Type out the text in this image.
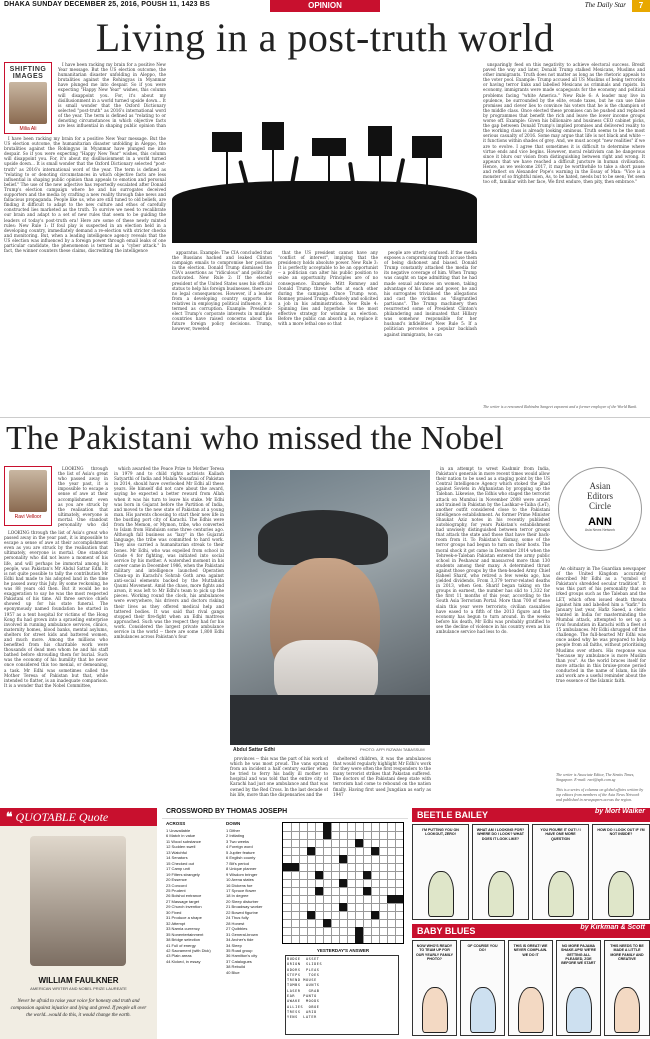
DHAKA SUNDAY DECEMBER 25, 2016, POUSH 11, 1423 BS	OPINION	The Daily Star	7
Living in a post-truth world
SHIFTING IMAGES
Milia Ali

I have been racking my brain for a positive New Year message. But the US election outcome, the humanitarian disaster unfolding in Aleppo, the brutalities against the Rohingyas in Myanmar have plunged me into despair. So if you were expecting "Happy New Year" wishes, this column will disappoint you. For, it's about my disillusionment in a world turned upside down... It is small wonder that the Oxford Dictionary selected "post-truth" as 2016's international word of the year. The term is defined as "relating to or denoting circumstances in which objective facts are less influential in shaping public opinion than

I have been racking my brain for a positive New Year message. But the US election outcome, the humanitarian disaster unfolding in Aleppo, the brutalities against the Rohingyas in Myanmar have plunged me into despair. So if you were expecting "Happy New Year" wishes, this column will disappoint you. For, it's about my disillusionment in a world turned upside down... It is small wonder that the Oxford Dictionary selected "post-truth" as 2016's international word of the year. The term is defined as "relating to or denoting circumstances in which objective facts are less influential in shaping public opinion than appeals to emotion and personal belief." The use of the new adjective has reportedly escalated after Donald Trump's election campaign where he and his surrogates deceived supporters and the media by crafting a new reality through fake news and fallacious propaganda. People like us, who are still tuned to old beliefs, are finding it difficult to adapt to the new culture and ethos of carefully constructed lies marketed as the truth. To survive we need to recalibrate our brain and adapt to a set of new rules that seem to be guiding the leaders of today's post-truth era! Here are some of these newly minted rules: New Rule 1: If foul play is suspected in an election held in a developing country, immediately demand a re-election with stricter checks and monitoring. But, when a leading intelligence agency reveals that the US election was influenced by a foreign power through email leaks of one particular candidate, the phenomenon is termed as a "cyber attack." In fact, the winner counters these claims, discrediting the intelligence	apparatus. Example: The CIA concluded that the Russians hacked and leaked Clinton campaign emails to compromise her position in the election. Donald Trump dismissed the CIA's assertions as "ridiculous" and politically motivated. New Rule 2: If the elected president of the United States uses his official status to help his foreign businesses, there are no legal consequences. However, if a leader from a developing country supports his relatives in employing political influence, it is termed as corruption. Example: President-elect Trump's corporate interests in multiple countries have raised concerns about his future foreign policy decisions. Trump, however, tweeted

that the US president cannot have any "conflict of interest", implying that the presidency holds absolute power. New Rule 3: It is perfectly acceptable to be an opportunist -- a politician can alter his public position to seize an opportunity. Principles are of no consequence. Example: Mitt Romney and Donald Trump threw barbs at each other during the campaign. Once Trump won, Romney praised Trump effusively and solicited a job in his administration. New Rule 4: Spinning lies and hyperbole is the most effective strategy for winning an election. Before the public can absorb a lie, replace it with a more lethal one so that

people are utterly confused. If the media exposes a compromising truth accuse them of being dishonest and biased. Donald Trump constantly attacked the media for its negative coverage of him. When Trump was caught on tape admitting that he had made sexual advances on women, taking advantage of his fame and power, he and his surrogates trivialised the allegations and cast the victims as "disgruntled partisans". The Trump machinery then resurrected some of President Clinton's philandering and insinuated that Hillary was somehow responsible for her husband's infidelities! New Rule 5: If a politician perceives a popular backlash against immigrants, he can

unsparingly feed on this negativity to achieve electoral success. Brexit paved the way and later, Donald Trump stalked Mexicans, Muslims and other immigrants. Truth does not matter as long as the rhetoric appeals to the voter pool. Example: Trump accused all US Muslims of being terrorists or having terror links and labelled Mexicans as criminals and rapists. In economy, immigrants were made scapegoats for the economy and political problems facing "white America." New Rule 6: A leader may live in opulence, be surrounded by the elite, evade taxes, but he can use false promises and clever lies to convince his voters that he is the champion of the middle class. Once elected these promises can be pushed and replaced by programmes that benefit the rich and leave the lower income groups worse off. Example: Given his billionaire and business CEO cabinet picks, the gap between Donald Trump's implied promises and delivered reality to the working class is already looking ominous. Truth seems to be the most serious casualty of 2016. Some may argue that life is not black and white -- it functions within shades of grey. And, we must accept "new realities" if we are to evolve. I agree that sometimes it is difficult to determine where virtue ends and vice begins. However, moral relativism can be dangerous since it blurs our vision from distinguishing between right and wrong. It appears that we have reached a difficult juncture in human civilisation. Hence, as we welcome 2017, it may be worthwhile to take a short pause and reflect on Alexander Pope's warning in the Essay of Man: "Vice is a monster of so frightful mien, As, to be hated, needs but to be seen; Yet seen too oft, familiar with her face, We first endure, then pity, then embrace."

The writer is a renowned Rabindra Sangeet exponent and a former employee of the World Bank.
The Pakistani who missed the Nobel
Ravi Velloor

LOOKING through the list of Asia's great who passed away in the year past, it is impossible to escape a sense of awe at their accomplishment even as you are struck by the realisation that ultimately, everyone is mortal. One standout personality who did

LOOKING through the list of Asia's great who passed away in the year past, it is impossible to escape a sense of awe at their accomplishment even as you are struck by the realisation that ultimately, everyone is mortal. One standout personality who did not leave a moment of his life, and will perhaps be immortal among his people, was Pakistan's Mr Abdul Sattar Edhi. It is not quite possible to tally the contribution Mr Edhi had made to his adopted land in the time he passed away this July. By some reckoning, he was 88 years old then. But it would be no exaggeration to say he was the most respected Pakistani of his time. All three service chiefs showed up for his state funeral. The eponymously named foundation he started in 1957 as a tent hospital for victims of the Hong Kong flu had grown into a sprawling enterprise involved in running ambulance services, clinics, maternity homes, blood banks, mental asylums, shelters for street kids and battered women, and much more. Among the millions who benefited from his charitable work were thousands of dead men whom he and his staff bathed before shrouding them for burial. Such was the economy of his humility that he never once considered this too menial, or demeaning, a task. Mr Edhi was sometimes called the Mother Teresa of Pakistan but that, while intended to flatter, is an inadequate comparison. It is a wonder that the Nobel Committee,

which awarded the Peace Prize to Mother Teresa in 1979 and to child rights activists Kailash Satyarthi of India and Malala Yousafzai of Pakistan in 2014, should have overlooked Mr Edhi all these years. He himself did not care about the award, saying he expected a better reward from Allah when it was his turn to leave his stake. Mr Edhi was born in Gujarat before the Partition of India, and moved to the new state of Pakistan at a young man. His parents choosing to start their new life in the bustling port city of Karachi. The Edhis were from the Memon, or Mymon, tribe, who converted to Islam from Hinduism some three centuries ago. Although fall business as "lazy" in the Gujarati language, the tribe was committed to hard work. They also carried a humanitarian streak to their bones. Mr Edhi, who was expelled from school in Grade 4 for fighting, was initiated into social service by his mother. A watershed moment in his career came in December 1986, when the Pakistani military and intelligence launched Operation Clean-up in Karachi's Sohrab Goth area against anti-social elements backed by the Muttahida Qaumi Movement. Amid the chaos, more fights and arson, it was left to Mr Edhi's team to pick up the pieces. Working round the clock, his ambulances were everywhere, his drivers and doctors risking their lives as they offered medical help and tattered bodies. It was said that rival gangs stopped their fire-fight when an Edhi mattress approached. Such was the respect they had for his work. Considered the largest private ambulance service in the world -- there are some 1,800 Edhi ambulances across Pakistan's four

Abdul Sattar Edhi	PHOTO: AFP/ RIZWAN TABASSUM

provinces -- this was the part of his work of which he was most proud. The vans sprung from an incident a half century earlier when he tried to ferry his badly ill mother to hospital and was told that the entire city of Karachi had just one ambulance and that was owned by the Red Cross. In the last decade of his life, more than the dispensaries and the

sheltered children, it was the ambulances that would regularly highlight Mr Edhi's work for they were often the first responders to the many terrorist strikes that Pakistan suffered. The doctors of the Pakistani deep state with terrorism had come to rebound on the nation finally. Having first used Jungdian as early as 1947

in an attempt to wrest Kashmir from India, Pakistan's generals in more recent times would allow their nation to be used as a staging point by the US Central Intelligence Agency which stoked the jihad against Soviets in Afghanistan by propping up the Taleban. Likewise, the Edhis who staged the terrorist attack on Mumbai in November 2008 were armed and trained in Pakistan by the Lashkar-e-Taiba (LeT), another outfit considered close to the Pakistani intelligence establishment. As former Prime Minister Shaukat Aziz notes in his recently published autobiography, for years Pakistan's establishment had unwisely distinguished between terror groups that attack the state and those that have their back-room from it. To Pakistan's dismay, some of the terror groups had begun to turn on their hosts. The moral shock it got came in December 2014 when the Tehreek-e-Taleban Pakistan entered the army public school in Peshawar and massacred more than 130 students among their many. A determined thrust against those groups by the then-headed Army Chief Raheel Sharif, who retired a few weeks ago, has yielded dividends. From 3,379 terror-related deaths in 2013, when Gen. Sharif began taking on the groups in earnest, the number has slid to 1,332 for the first 11 months of this year, according to the South Asia Terrorism Portal. More than 700 of these slain this year were terrorists; civilian casualties have eased to a fifth of the 2013 figure and the economy has begun to turn around. In the weeks before his death, Mr Edhi was probably gratified to see the decline of violence in his country even as his ambulance service had less to do.

Asian
Editors
Circle
ANN
Asia News Network

An obituary in The Guardian newspaper of the United Kingdom accurately described Mr Edhi as a "symbol of Pakistan's shredded secular tradition". It was this part of his personality that so irked groups such as the Taleban and the LET, which often issued death threats against him and labelled him a "kafir." In January last year, Hafiz Saeed, a cleric wanted in India for masterminding the Mumbai attack, attempted to set up a rival foundation in Karachi with a fleet of 15 ambulances. Mr Edhi shrugged off the challenge. The full-hearted Mr Edhi was once asked why he was prepared to help people from all faiths, without prioritising Muslims over others. His response was "because my ambulance is more Muslim than you". As the world braces itself for more attacks in this bruise-prone period conducted in the name of Islam, his life and work are a useful reminder about the true essence of the Islamic faith.

The writer is Associate Editor, The Straits Times, Singapore. E-mail: ravi@sph.com.sg
This is a series of columns on global affairs written by top editors from members of the Asia News Network and published in newspapers across the region.
❝ QUOTABLE Quote
WILLIAM FAULKNER
AMERICAN WRITER AND NOBEL PRIZE LAUREATE
Never be afraid to raise your voice for honesty and truth and compassion against injustice and lying and greed. If people all over the world...would do this, it would change the earth.
CROSSWORD BY THOMAS JOSEPH
ACROSS	DOWN
1 Unavailable
6 Match in value
11 Wood substance
12 Sudden swell
13 Watchful
14 Senators
15 Checked out
17 Camp unit
19 Filters strangely
20 Essence
23 Concord
25 Prudent
26 Bolshoi entrance
27 Massage target
29 Church invention
30 Fixed
31 Produce a shape
32 Attempt
33 Narnia currency
35 Nonentertainment
38 Bridge selection
41 Full of energy
42 Sacrament (with Dick)
43 Plain areas
44 Kicked, in essay
1 Dither
2 Initiating
3 Two weeks
4 Foreign word
5 Jupiter feature
6 English county
7 Bit's period
8 Unique planner
9 Wisdom bringer
10 Arena states
16 Dickens foe
17 Spruce flower
18 In degree
20 Sleep disturber
21 Broadway worker
22 Bowed figurine
24 Thus fully
28 Honest
27 Quibbles
31 General-brown
34 Archer's tide
34 Sleep
35 Road group
36 Hamilton's city
37 Catalogues
38 Rebuild
40 Blue
YESTERDAY'S ANSWER
BUDGE  ASSET
ORION  SLIDES
ODORS  PLEAS
STEPS   TOES
TREND MOUSE
TOMBS  AUNTS
LASER   GRAB
EAR   PANTO
AWAKE  MOODS
ALLIES  OBOE
TRESS  ARID
YENS  LATER
BEETLE BAILEY	by Mort Walker
I'M PUTTING YOU ON LOOKOUT, ZERO!
WHAT AM I LOOKING FOR? WHERE DO I LOOK? WHAT DOES IT LOOK LIKE?
YOU FIGURE IT OUT! / I HAVE ONE MORE QUESTION
HOW DO I LOOK OUT IF I'M NOT INSIDE?
BABY BLUES	by Kirkman & Scott
NOW WHO'S READY TO TEAM UP FOR OUR YEARLY FAMILY PHOTO?
OF COURSE YOU DO!
THIS IS GREAT! WE NEVER COMPLAIN. WE DO IT
NO MORE PAJAMA SHAKE-UPS! WE'RE GETTING ALL PLEASED, ZOE BEFORE WE START
THIS NEEDS TO BE MADE A LITTLE MORE FAMILY AND CREATIVE
